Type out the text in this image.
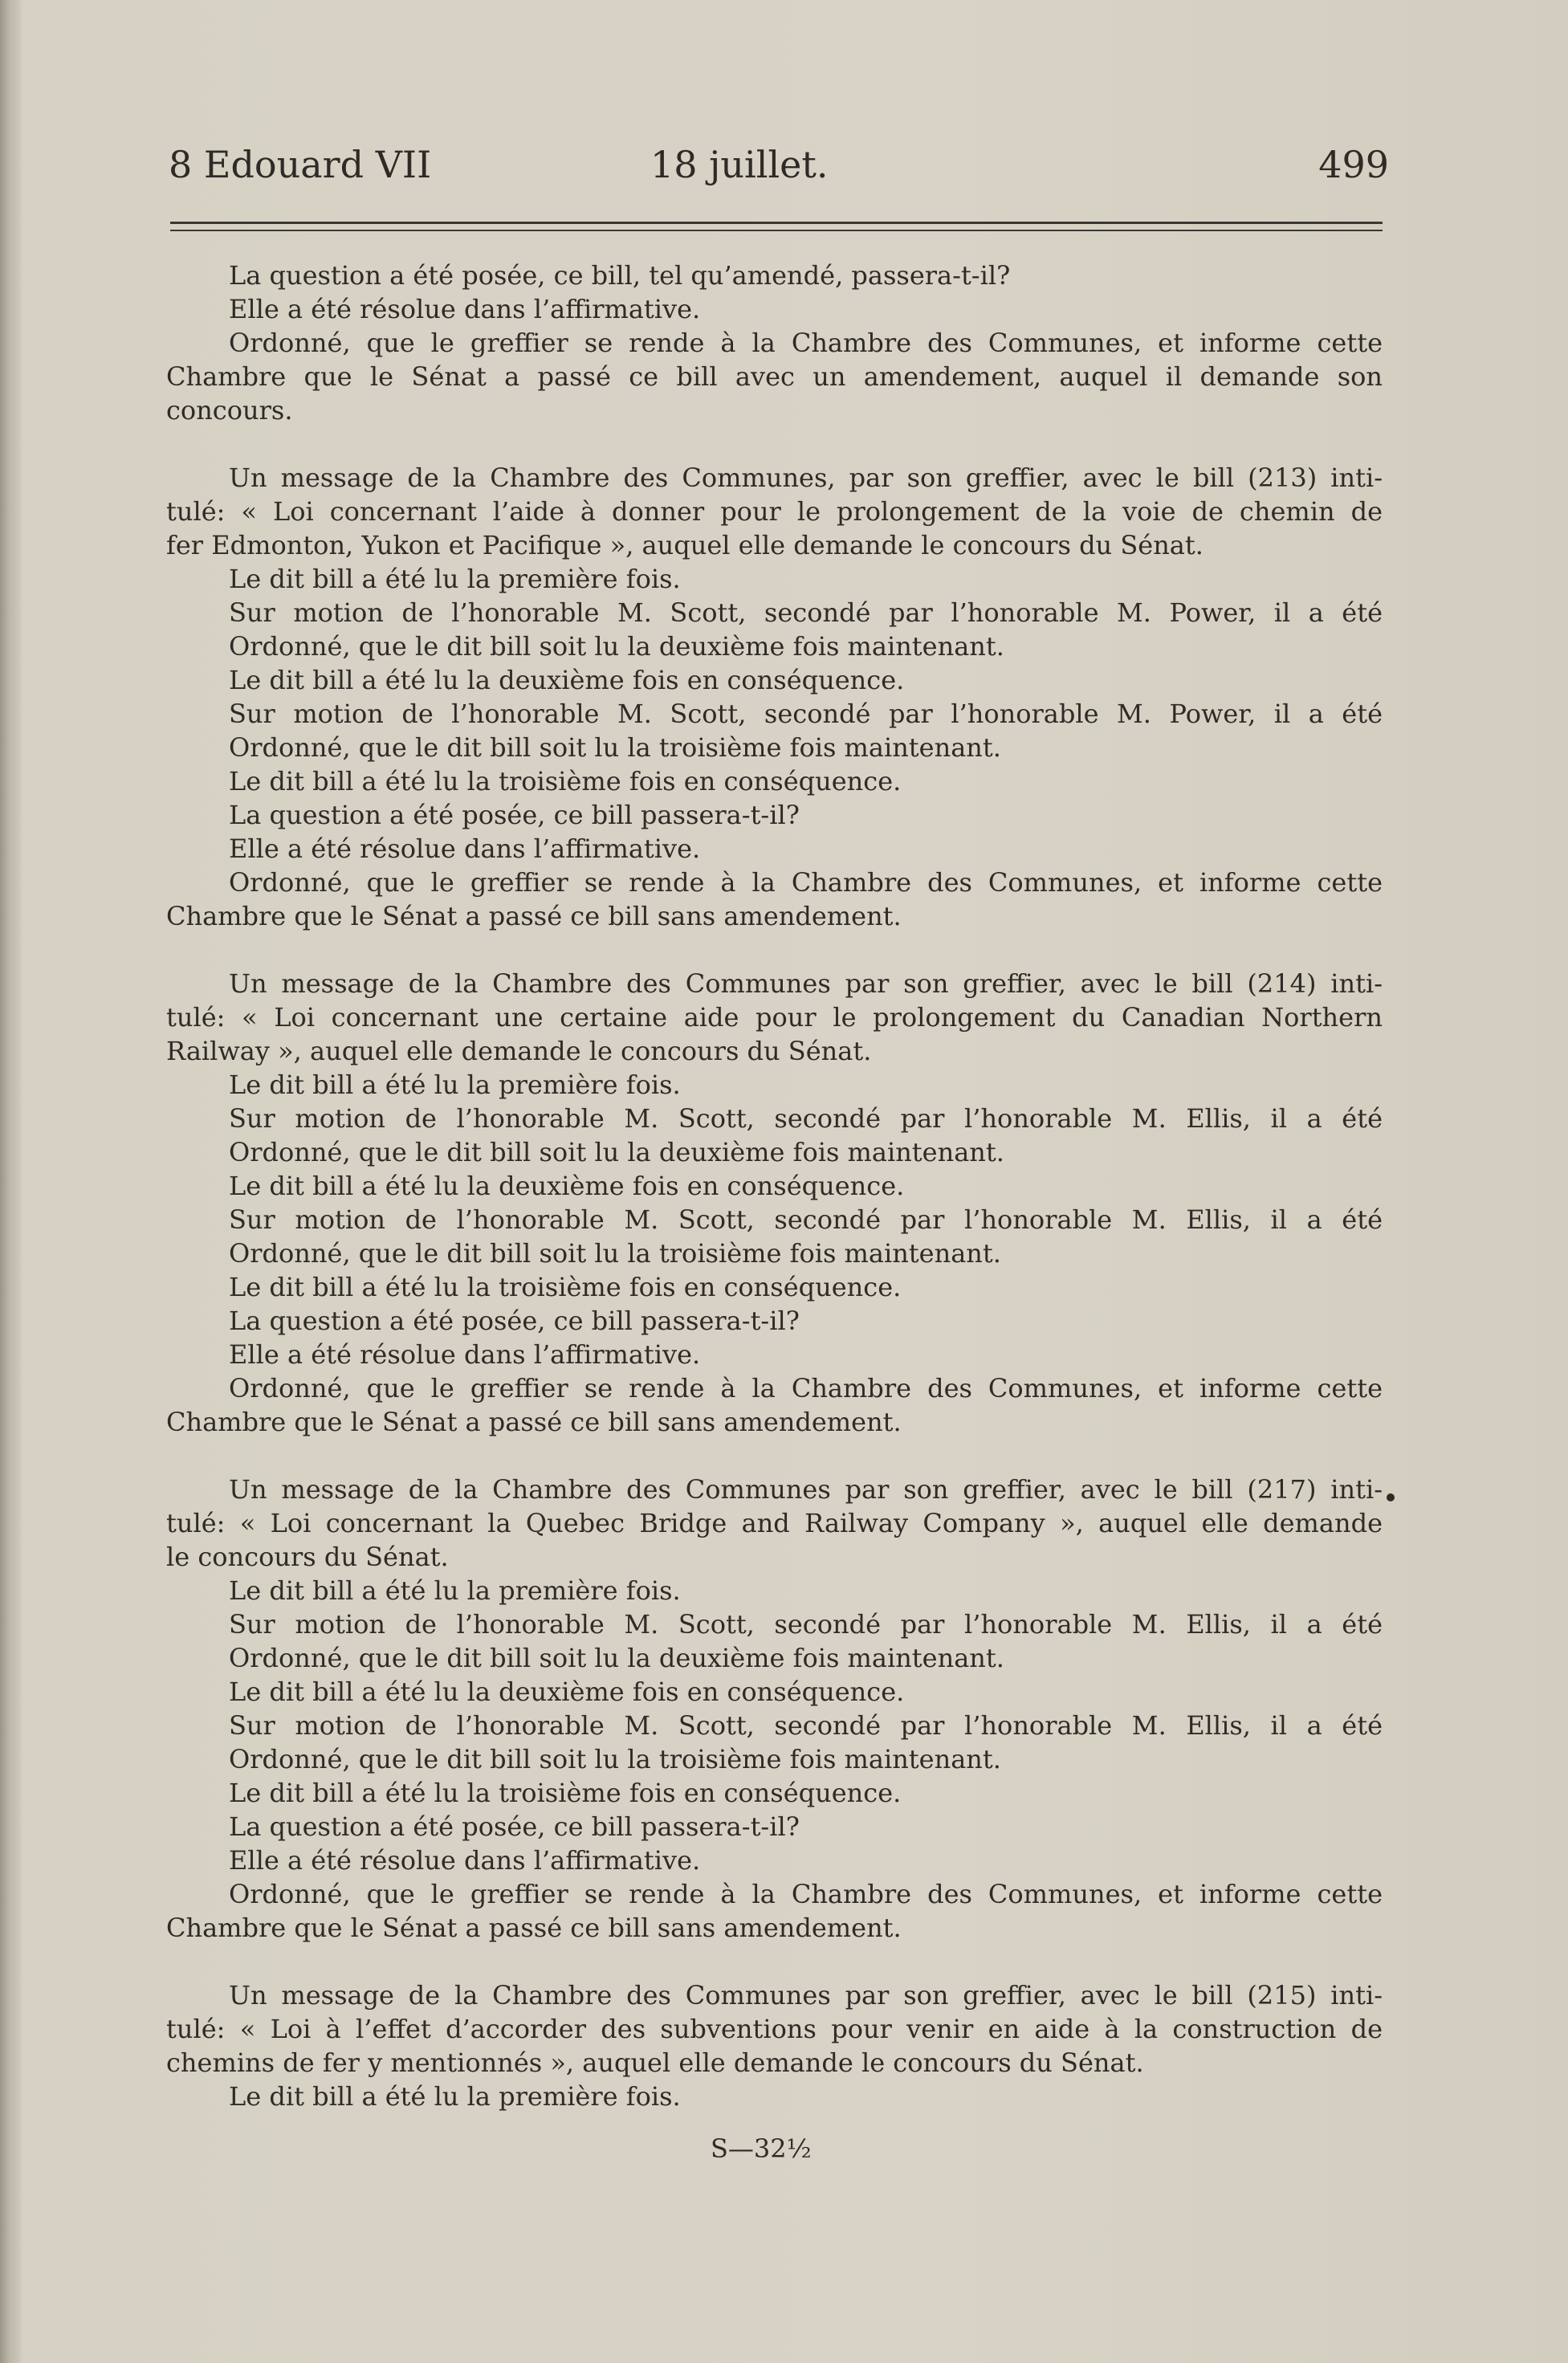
8 Edouard VII	18 juillet.	499
La question a été posée, ce bill, tel qu’amendé, passera-t-il?
Elle a été résolue dans l’affirmative.
Ordonné, que le greffier se rende à la Chambre des Communes, et informe cette
Chambre que le Sénat a passé ce bill avec un amendement, auquel il demande son
concours.
Un message de la Chambre des Communes, par son greffier, avec le bill (213) inti-
tulé: « Loi concernant l’aide à donner pour le prolongement de la voie de chemin de
fer Edmonton, Yukon et Pacifique », auquel elle demande le concours du Sénat.
Le dit bill a été lu la première fois.
Sur motion de l’honorable M. Scott, secondé par l’honorable M. Power, il a été
Ordonné, que le dit bill soit lu la deuxième fois maintenant.
Le dit bill a été lu la deuxième fois en conséquence.
Sur motion de l’honorable M. Scott, secondé par l’honorable M. Power, il a été
Ordonné, que le dit bill soit lu la troisième fois maintenant.
Le dit bill a été lu la troisième fois en conséquence.
La question a été posée, ce bill passera-t-il?
Elle a été résolue dans l’affirmative.
Ordonné, que le greffier se rende à la Chambre des Communes, et informe cette
Chambre que le Sénat a passé ce bill sans amendement.
Un message de la Chambre des Communes par son greffier, avec le bill (214) inti-
tulé: « Loi concernant une certaine aide pour le prolongement du Canadian Northern
Railway », auquel elle demande le concours du Sénat.
Le dit bill a été lu la première fois.
Sur motion de l’honorable M. Scott, secondé par l’honorable M. Ellis, il a été
Ordonné, que le dit bill soit lu la deuxième fois maintenant.
Le dit bill a été lu la deuxième fois en conséquence.
Sur motion de l’honorable M. Scott, secondé par l’honorable M. Ellis, il a été
Ordonné, que le dit bill soit lu la troisième fois maintenant.
Le dit bill a été lu la troisième fois en conséquence.
La question a été posée, ce bill passera-t-il?
Elle a été résolue dans l’affirmative.
Ordonné, que le greffier se rende à la Chambre des Communes, et informe cette
Chambre que le Sénat a passé ce bill sans amendement.
Un message de la Chambre des Communes par son greffier, avec le bill (217) inti-
tulé: « Loi concernant la Quebec Bridge and Railway Company », auquel elle demande
le concours du Sénat.
Le dit bill a été lu la première fois.
Sur motion de l’honorable M. Scott, secondé par l’honorable M. Ellis, il a été
Ordonné, que le dit bill soit lu la deuxième fois maintenant.
Le dit bill a été lu la deuxième fois en conséquence.
Sur motion de l’honorable M. Scott, secondé par l’honorable M. Ellis, il a été
Ordonné, que le dit bill soit lu la troisième fois maintenant.
Le dit bill a été lu la troisième fois en conséquence.
La question a été posée, ce bill passera-t-il?
Elle a été résolue dans l’affirmative.
Ordonné, que le greffier se rende à la Chambre des Communes, et informe cette
Chambre que le Sénat a passé ce bill sans amendement.
Un message de la Chambre des Communes par son greffier, avec le bill (215) inti-
tulé: « Loi à l’effet d’accorder des subventions pour venir en aide à la construction de
chemins de fer y mentionnés », auquel elle demande le concours du Sénat.
Le dit bill a été lu la première fois.
S—32½
